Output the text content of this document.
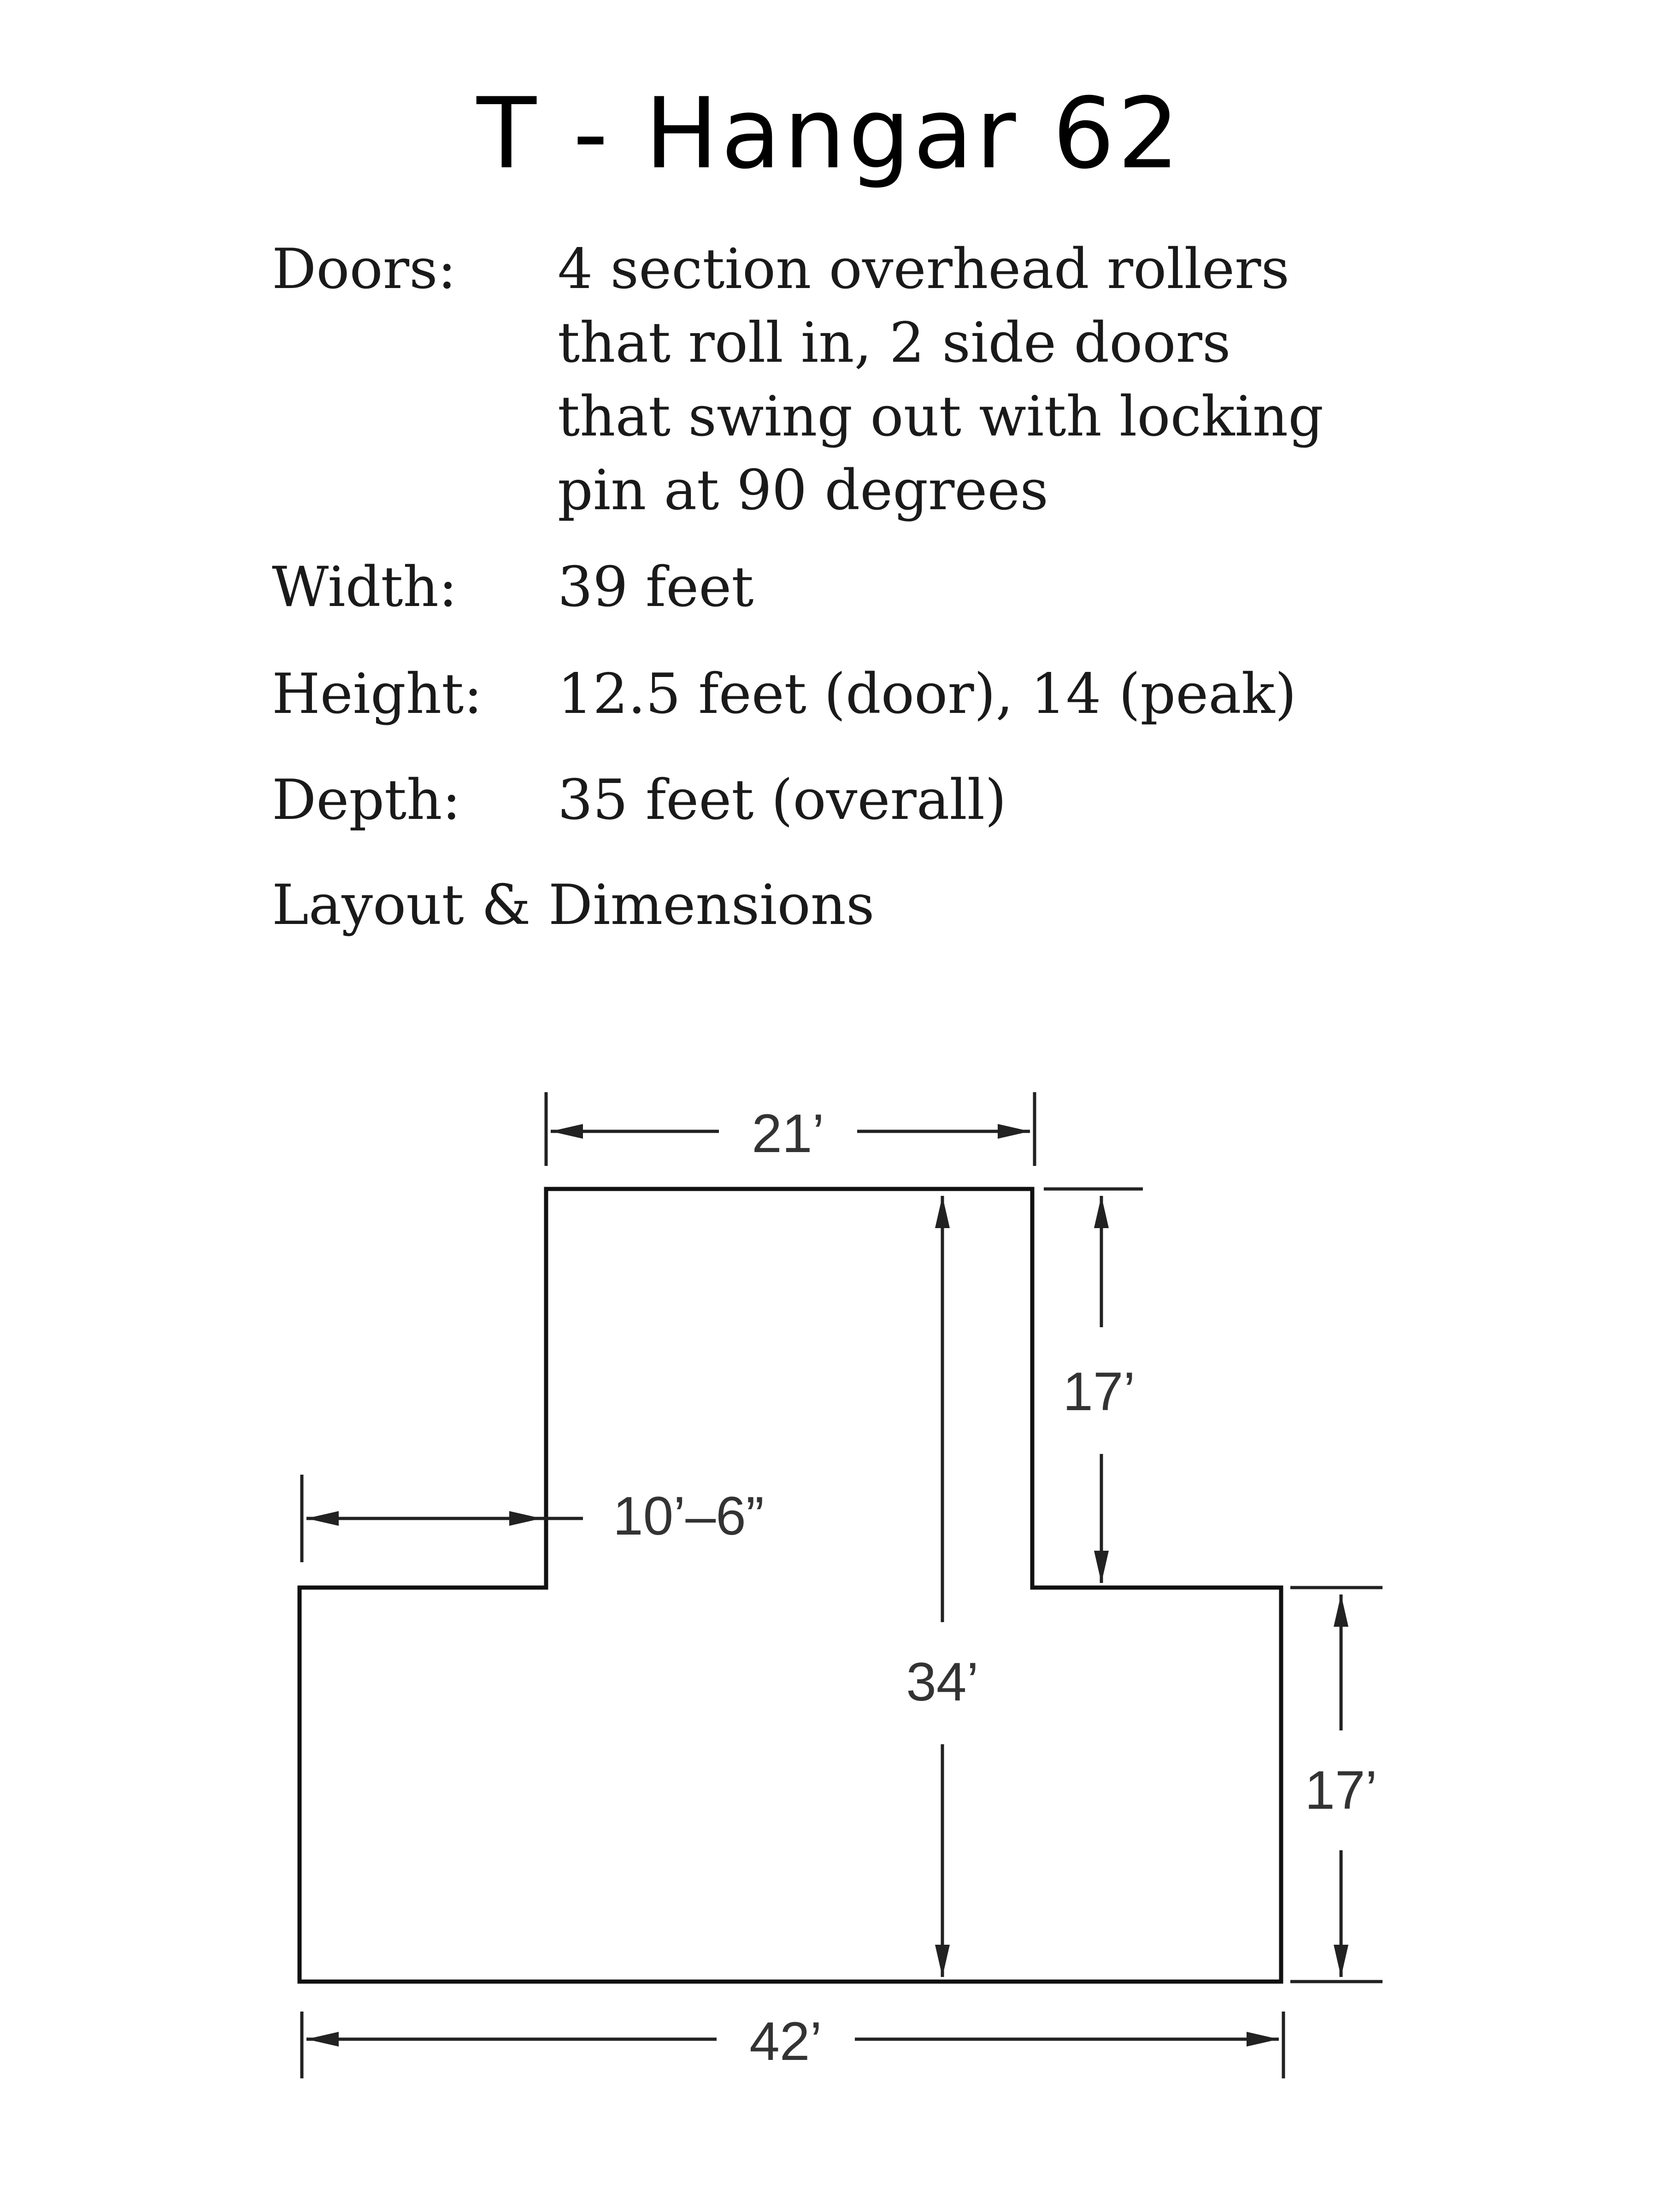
T - Hangar 62
Doors:	4 section overhead rollers
that roll in, 2 side doors
that swing out with locking
pin at 90 degrees
Width:	39 feet
Height:	12.5 feet (door), 14 (peak)
Depth:	35 feet (overall)
Layout & Dimensions
21’
17’
10’–6”
34’
17’
42’
